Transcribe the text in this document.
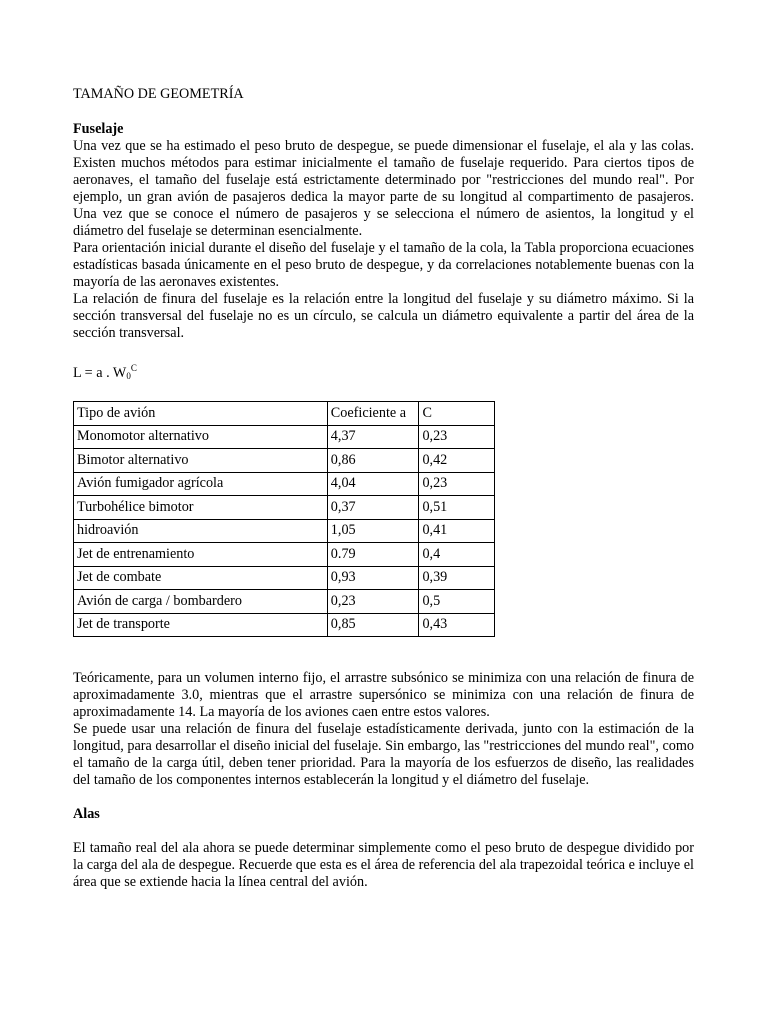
TAMAÑO DE GEOMETRÍA

Fuselaje

Una vez que se ha estimado el peso bruto de despegue, se puede dimensionar el fuselaje, el ala y las colas. Existen muchos métodos para estimar inicialmente el tamaño de fuselaje requerido. Para ciertos tipos de aeronaves, el tamaño del fuselaje está estrictamente determinado por "restricciones del mundo real". Por ejemplo, un gran avión de pasajeros dedica la mayor parte de su longitud al compartimento de pasajeros. Una vez que se conoce el número de pasajeros y se selecciona el número de asientos, la longitud y el diámetro del fuselaje se determinan esencialmente.

Para orientación inicial durante el diseño del fuselaje y el tamaño de la cola, la Tabla proporciona ecuaciones estadísticas basada únicamente en el peso bruto de despegue, y da correlaciones notablemente buenas con la mayoría de las aeronaves existentes.

La relación de finura del fuselaje es la relación entre la longitud del fuselaje y su diámetro máximo. Si la sección transversal del fuselaje no es un círculo, se calcula un diámetro equivalente a partir del área de la sección transversal.

L = a . $W_0^C$

Tipo de avión	Coeficiente a	C
Monomotor alternativo	4,37	0,23
Bimotor alternativo	0,86	0,42
Avión fumigador agrícola	4,04	0,23
Turbohélice bimotor	0,37	0,51
hidroavión	1,05	0,41
Jet de entrenamiento	0.79	0,4
Jet de combate	0,93	0,39
Avión de carga / bombardero	0,23	0,5
Jet de transporte	0,85	0,43

Teóricamente, para un volumen interno fijo, el arrastre subsónico se minimiza con una relación de finura de aproximadamente 3.0, mientras que el arrastre supersónico se minimiza con una relación de finura de aproximadamente 14. La mayoría de los aviones caen entre estos valores.

Se puede usar una relación de finura del fuselaje estadísticamente derivada, junto con la estimación de la longitud, para desarrollar el diseño inicial del fuselaje. Sin embargo, las "restricciones del mundo real", como el tamaño de la carga útil, deben tener prioridad. Para la mayoría de los esfuerzos de diseño, las realidades del tamaño de los componentes internos establecerán la longitud y el diámetro del fuselaje.

Alas

El tamaño real del ala ahora se puede determinar simplemente como el peso bruto de despegue dividido por la carga del ala de despegue. Recuerde que esta es el área de referencia del ala trapezoidal teórica e incluye el área que se extiende hacia la línea central del avión.
